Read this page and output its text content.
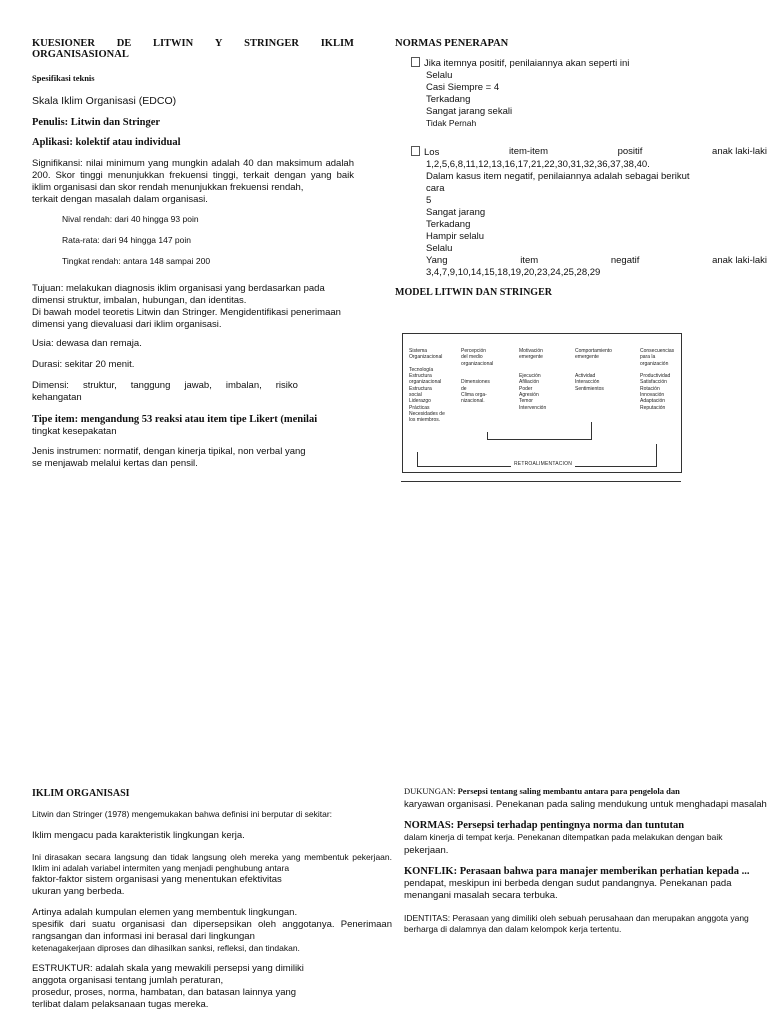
KUESIONER DE LITWIN Y STRINGER IKLIM
ORGANISASIONAL
Spesifikasi teknis
Skala Iklim Organisasi (EDCO)
Penulis: Litwin dan Stringer
Aplikasi: kolektif atau individual
Signifikansi: nilai minimum yang mungkin adalah 40 dan maksimum adalah 200. Skor tinggi menunjukkan frekuensi tinggi, terkait dengan yang baik iklim organisasi dan skor rendah menunjukkan frekuensi rendah,
terkait dengan masalah dalam organisasi.
Nival rendah: dari 40 hingga 93 poin
Rata-rata: dari 94 hingga 147 poin
Tingkat rendah: antara 148 sampai 200
Tujuan: melakukan diagnosis iklim organisasi yang berdasarkan pada dimensi struktur, imbalan, hubungan, dan identitas.
Di bawah model teoretis Litwin dan Stringer. Mengidentifikasi penerimaan dimensi yang dievaluasi dari iklim organisasi.
Usia: dewasa dan remaja.
Durasi: sekitar 20 menit.
Dimensi: struktur, tanggung jawab, imbalan, risiko
kehangatan
Tipe item: mengandung 53 reaksi atau item tipe Likert (menilai
tingkat kesepakatan
Jenis instrumen: normatif, dengan kinerja tipikal, non verbal yang
se menjawab melalui kertas dan pensil.
NORMAS PENERAPAN
Jika itemnya positif, penilaiannya akan seperti ini
Selalu
Casi Siempre = 4
Terkadang
Sangat jarang sekali
Tidak Pernah
Los	item-item	positif	anak laki-laki
1,2,5,6,8,11,12,13,16,17,21,22,30,31,32,36,37,38,40.
Dalam kasus item negatif, penilaiannya adalah sebagai berikut
cara
5
Sangat jarang
Terkadang
Hampir selalu
Selalu
Yang	item	negatif	anak laki-laki
3,4,7,9,10,14,15,18,19,20,23,24,25,28,29
MODEL LITWIN DAN STRINGER
Sistema
Organizacional

Tecnología
Estructura
organizacional
Estructura
social
Liderazgo
Prácticas
Necesidades de
los miembros.
Percepción
del medio
organizacional

Dimensiones
de
Clima orga-
nizacional.
Motivación
emergente

Ejecución
Afiliación
Poder
Agresión
Temor
Intervención
Comportamiento
emergente

Actividad
Interacción
Sentimientos
Consecuencias
para la
organización

Productividad
Satisfacción
Rotación
Innovación
Adaptación
Reputación
RETROALIMENTACION
IKLIM ORGANISASI
Litwin dan Stringer (1978) mengemukakan bahwa definisi ini berputar di sekitar:
Iklim mengacu pada karakteristik lingkungan kerja.
Ini dirasakan secara langsung dan tidak langsung oleh mereka yang membentuk pekerjaan. Iklim ini adalah variabel intermiten yang menjadi penghubung antara
faktor-faktor sistem organisasi yang menentukan efektivitas
ukuran yang berbeda.
Artinya adalah kumpulan elemen yang membentuk lingkungan.
spesifik dari suatu organisasi dan dipersepsikan oleh anggotanya. Penerimaan rangsangan dan informasi ini berasal dari lingkungan
ketenagakerjaan diproses dan dihasilkan sanksi, refleksi, dan tindakan.
ESTRUKTUR: adalah skala yang mewakili persepsi yang dimiliki
anggota organisasi tentang jumlah peraturan,
prosedur, proses, norma, hambatan, dan batasan lainnya yang
terlibat dalam pelaksanaan tugas mereka.
DUKUNGAN: Persepsi tentang saling membantu antara para pengelola dan
karyawan organisasi. Penekanan pada saling mendukung untuk menghadapi masalah
NORMAS: Persepsi terhadap pentingnya norma dan tuntutan
dalam kinerja di tempat kerja. Penekanan ditempatkan pada melakukan dengan baik
pekerjaan.
KONFLIK: Perasaan bahwa para manajer memberikan perhatian kepada ...
pendapat, meskipun ini berbeda dengan sudut pandangnya. Penekanan pada menangani masalah secara terbuka.
IDENTITAS: Perasaan yang dimiliki oleh sebuah perusahaan dan merupakan anggota yang berharga di dalamnya dan dalam kelompok kerja tertentu.
